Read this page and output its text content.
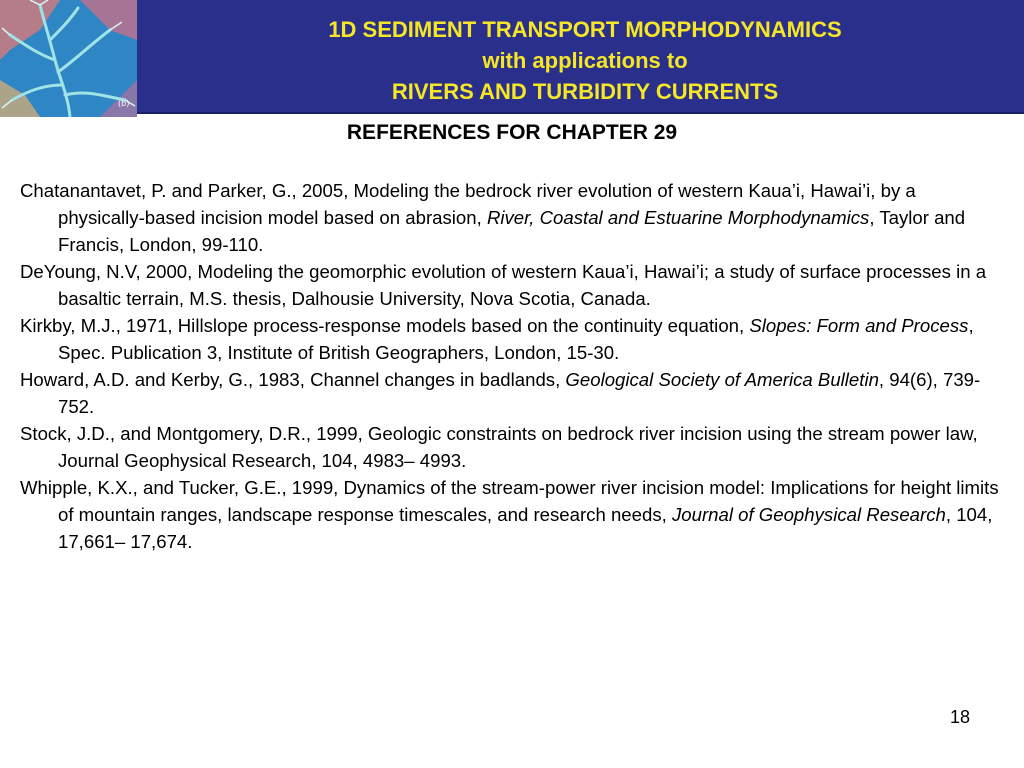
(b)
1D SEDIMENT TRANSPORT MORPHODYNAMICS
with applications to
RIVERS AND TURBIDITY CURRENTS
REFERENCES FOR CHAPTER 29

Chatanantavet, P. and Parker, G., 2005, Modeling the bedrock river evolution of western Kaua’i, Hawai’i, by a physically-based incision model based on abrasion, River, Coastal and Estuarine Morphodynamics, Taylor and Francis, London, 99-110.

DeYoung, N.V, 2000, Modeling the geomorphic evolution of western Kaua’i, Hawai’i; a study of surface processes in a basaltic terrain, M.S. thesis, Dalhousie University, Nova Scotia, Canada.

Kirkby, M.J., 1971, Hillslope process-response models based on the continuity equation, Slopes: Form and Process, Spec. Publication 3, Institute of British Geographers, London, 15-30.

Howard, A.D. and Kerby, G., 1983, Channel changes in badlands, Geological Society of America Bulletin, 94(6), 739-752.

Stock, J.D., and Montgomery, D.R., 1999, Geologic constraints on bedrock river incision using the stream power law, Journal Geophysical Research, 104, 4983– 4993.

Whipple, K.X., and Tucker, G.E., 1999, Dynamics of the stream-power river incision model: Implications for height limits of mountain ranges, landscape response timescales, and research needs, Journal of Geophysical Research, 104, 17,661– 17,674.

18
